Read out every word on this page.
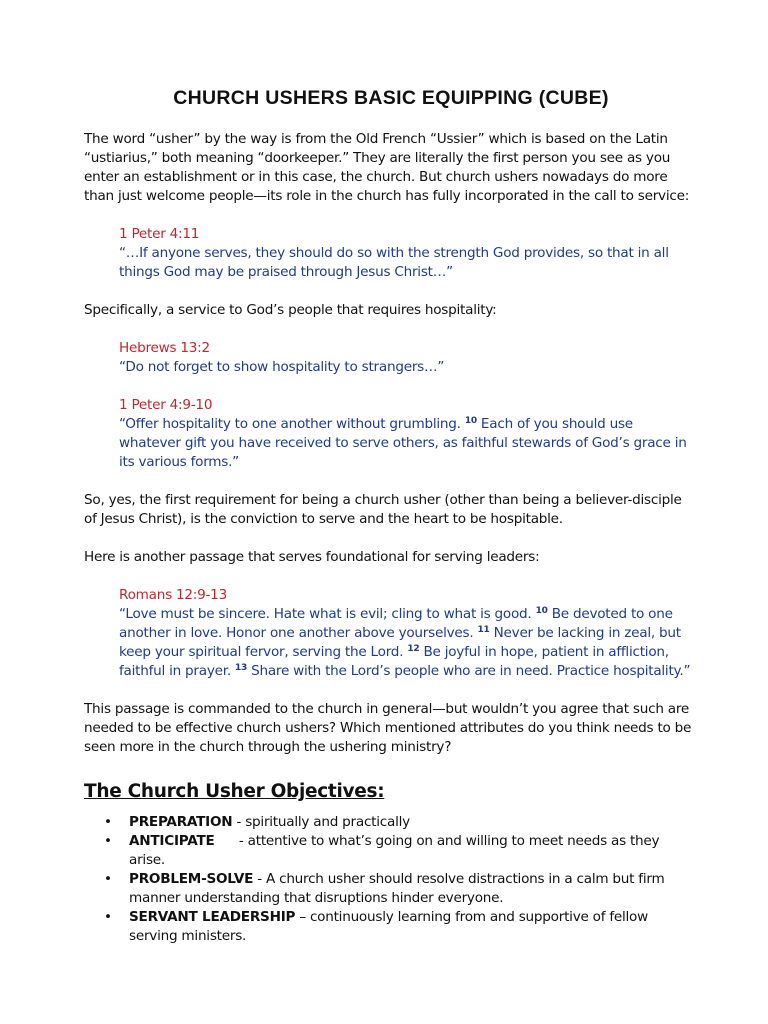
CHURCH USHERS BASIC EQUIPPING (CUBE)

The word “usher” by the way is from the Old French “Ussier” which is based on the Latin “ustiarius,” both meaning “doorkeeper.” They are literally the first person you see as you enter an establishment or in this case, the church. But church ushers nowadays do more than just welcome people—its role in the church has fully incorporated in the call to service:

1 Peter 4:11

“…If anyone serves, they should do so with the strength God provides, so that in all things God may be praised through Jesus Christ…”

Specifically, a service to God’s people that requires hospitality:

Hebrews 13:2

“Do not forget to show hospitality to strangers…”

1 Peter 4:9-10

“Offer hospitality to one another without grumbling. $^{10}$ Each of you should use whatever gift you have received to serve others, as faithful stewards of God’s grace in its various forms.”

So, yes, the first requirement for being a church usher (other than being a believer-disciple of Jesus Christ), is the conviction to serve and the heart to be hospitable.

Here is another passage that serves foundational for serving leaders:

Romans 12:9-13

“Love must be sincere. Hate what is evil; cling to what is good. $^{10}$ Be devoted to one another in love. Honor one another above yourselves. $^{11}$ Never be lacking in zeal, but keep your spiritual fervor, serving the Lord. $^{12}$ Be joyful in hope, patient in affliction, faithful in prayer. $^{13}$ Share with the Lord’s people who are in need. Practice hospitality.”

This passage is commanded to the church in general—but wouldn’t you agree that such are needed to be effective church ushers? Which mentioned attributes do you think needs to be seen more in the church through the ushering ministry?

The Church Usher Objectives:
• PREPARATION - spiritually and practically
• ANTICIPATE      - attentive to what’s going on and willing to meet needs as they arise.
• PROBLEM-SOLVE - A church usher should resolve distractions in a calm but firm manner understanding that disruptions hinder everyone.
• SERVANT LEADERSHIP – continuously learning from and supportive of fellow serving ministers.
